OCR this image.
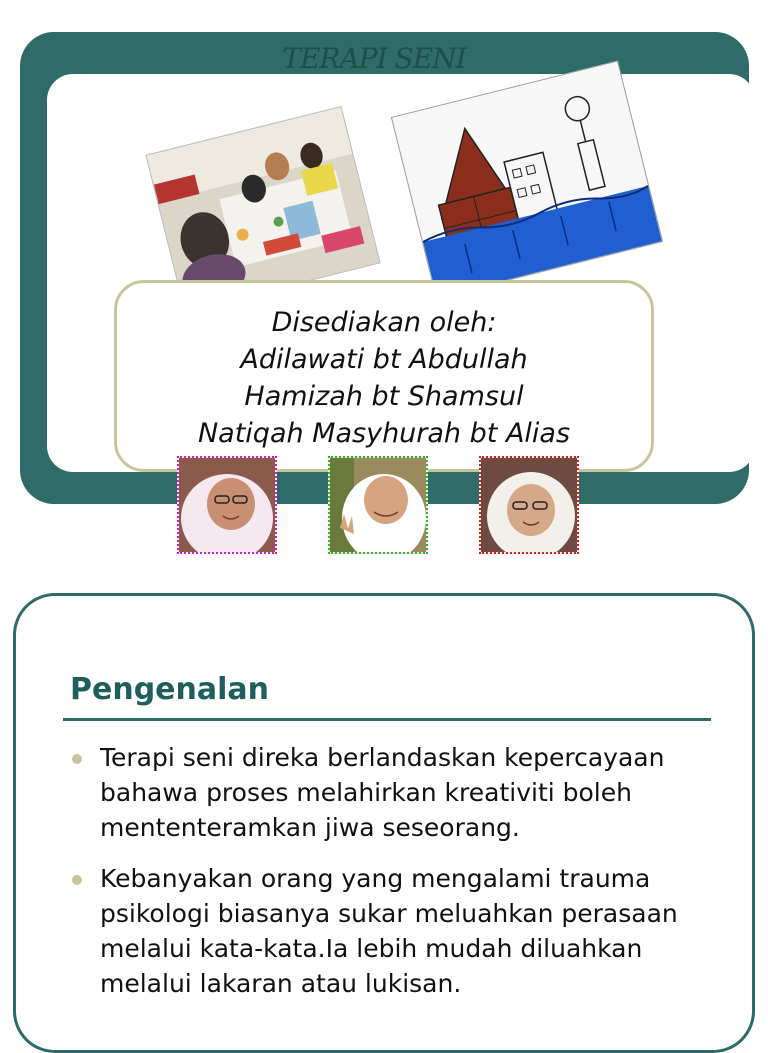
TERAPI SENI
Disediakan oleh:
Adilawati bt Abdullah
Hamizah bt Shamsul
Natiqah Masyhurah bt Alias
Pengenalan
Terapi seni direka berlandaskan kepercayaan bahawa proses melahirkan kreativiti boleh mententeramkan jiwa seseorang.
Kebanyakan orang yang mengalami trauma psikologi biasanya sukar meluahkan perasaan melalui kata-kata.Ia lebih mudah diluahkan melalui lakaran atau lukisan.
